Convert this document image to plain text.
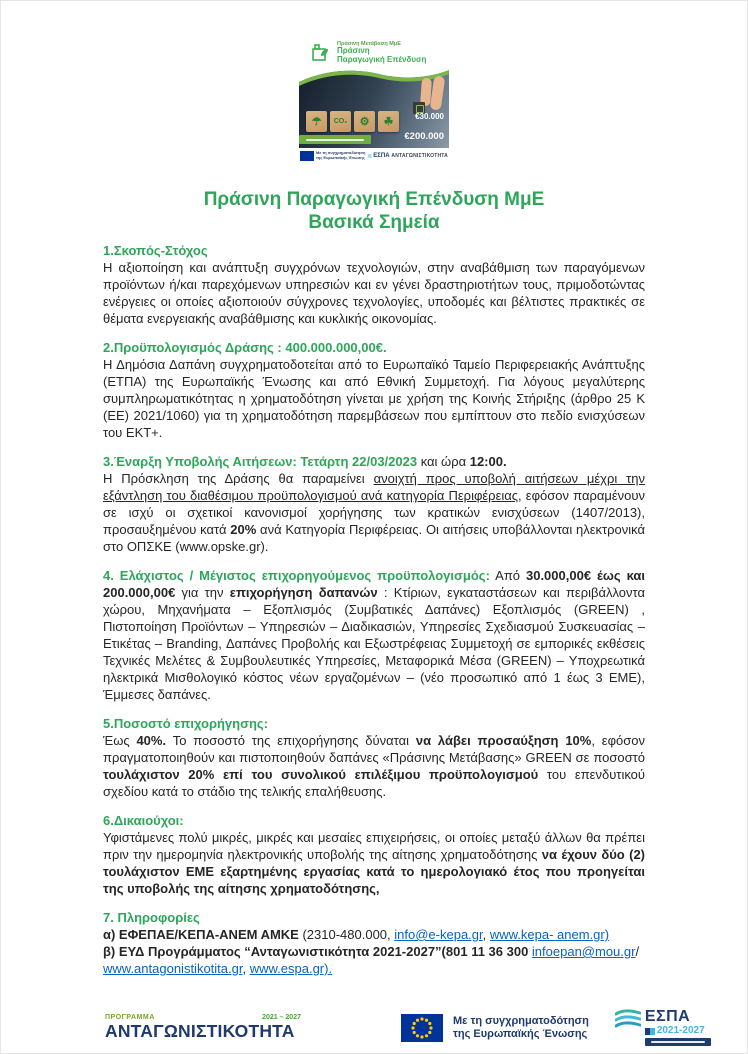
Πράσινη Μετάβαση ΜμΕ
Πράσινη
Παραγωγική Επένδυση
☂	CO₂	⚙	☘	€30.000
€200.000
Με τη συγχρηματοδότηση
της Ευρωπαϊκής Ένωσης ≋ ΕΣΠΑ ΑΝΤΑΓΩΝΙΣΤΙΚΟΤΗΤΑ
Πράσινη Παραγωγική Επένδυση ΜμΕ
Βασικά Σημεία

1.Σκοπός-Στόχος

Η αξιοποίηση και ανάπτυξη συγχρόνων τεχνολογιών, στην αναβάθμιση των παραγόμενων προϊόντων ή/και παρεχόμενων υπηρεσιών και εν γένει δραστηριοτήτων τους, πριμοδοτώντας ενέργειες οι οποίες αξιοποιούν σύγχρονες τεχνολογίες, υποδομές και βέλτιστες πρακτικές σε θέματα ενεργειακής αναβάθμισης και κυκλικής οικονομίας.

2.Προϋπολογισμός Δράσης : 400.000.000,00€.

Η Δημόσια Δαπάνη συγχρηματοδοτείται από το Ευρωπαϊκό Ταμείο Περιφερειακής Ανάπτυξης (ΕΤΠΑ) της Ευρωπαϊκής Ένωσης και από Εθνική Συμμετοχή. Για λόγους μεγαλύτερης συμπληρωματικότητας η χρηματοδότηση γίνεται με χρήση της Κοινής Στήριξης (άρθρο 25 Κ (ΕΕ) 2021/1060) για τη χρηματοδότηση παρεμβάσεων που εμπίπτουν στο πεδίο ενισχύσεων του ΕΚΤ+.

3.Έναρξη Υποβολής Αιτήσεων: Τετάρτη 22/03/2023 και ώρα 12:00.

Η Πρόσκληση της Δράσης θα παραμείνει ανοιχτή προς υποβολή αιτήσεων μέχρι την εξάντληση του διαθέσιμου προϋπολογισμού ανά κατηγορία Περιφέρειας, εφόσον παραμένουν σε ισχύ οι σχετικοί κανονισμοί χορήγησης των κρατικών ενισχύσεων (1407/2013), προσαυξημένου κατά 20% ανά Κατηγορία Περιφέρειας. Οι αιτήσεις υποβάλλονται ηλεκτρονικά στο ΟΠΣΚΕ (www.opske.gr).

4. Ελάχιστος / Μέγιστος επιχορηγούμενος προϋπολογισμός: Από 30.000,00€ έως και 200.000,00€ για την επιχορήγηση δαπανών : Κτίριων, εγκαταστάσεων και περιβάλλοντα χώρου, Μηχανήματα – Εξοπλισμός (Συμβατικές Δαπάνες) Εξοπλισμός (GREEN) , Πιστοποίηση Προϊόντων – Υπηρεσιών – Διαδικασιών, Υπηρεσίες Σχεδιασμού Συσκευασίας – Ετικέτας – Branding, Δαπάνες Προβολής και Εξωστρέφειας Συμμετοχή σε εμπορικές εκθέσεις Τεχνικές Μελέτες & Συμβουλευτικές Υπηρεσίες, Μεταφορικά Μέσα (GREEN) – Υποχρεωτικά ηλεκτρικά Μισθολογικό κόστος νέων εργαζομένων – (νέο προσωπικό από 1 έως 3 ΕΜΕ), Έμμεσες δαπάνες.

5.Ποσοστό επιχορήγησης:

Έως 40%. Το ποσοστό της επιχορήγησης δύναται να λάβει προσαύξηση 10%, εφόσον πραγματοποιηθούν και πιστοποιηθούν δαπάνες «Πράσινης Μετάβασης» GREEN σε ποσοστό τουλάχιστον 20% επί του συνολικού επιλέξιμου προϋπολογισμού του επενδυτικού σχεδίου κατά το στάδιο της τελικής επαλήθευσης.

6.Δικαιούχοι:

Υφιστάμενες πολύ μικρές, μικρές και μεσαίες επιχειρήσεις, οι οποίες μεταξύ άλλων θα πρέπει πριν την ημερομηνία ηλεκτρονικής υποβολής της αίτησης χρηματοδότησης να έχουν δύο (2) τουλάχιστον ΕΜΕ εξαρτημένης εργασίας κατά το ημερολογιακό έτος που προηγείται της υποβολής της αίτησης χρηματοδότησης,

7. Πληροφορίες

α) ΕΦΕΠΑΕ/ΚΕΠΑ-ΑΝΕΜ ΑΜΚΕ (2310-480.000, info@e-kepa.gr, www.kepa- anem.gr)

β) ΕΥΔ Προγράμματος “Ανταγωνιστικότητα 2021-2027”(801 11 36 300 infoepan@mou.gr/ www.antagonistikotita.gr, www.espa.gr).

ΠΡΟΓΡΑΜΜΑ	2021 – 2027
ΑΝΤΑΓΩΝΙΣΤΙΚΟΤΗΤΑ
Με τη συγχρηματοδότηση
της Ευρωπαϊκής Ένωσης
ΕΣΠΑ
2021-2027
